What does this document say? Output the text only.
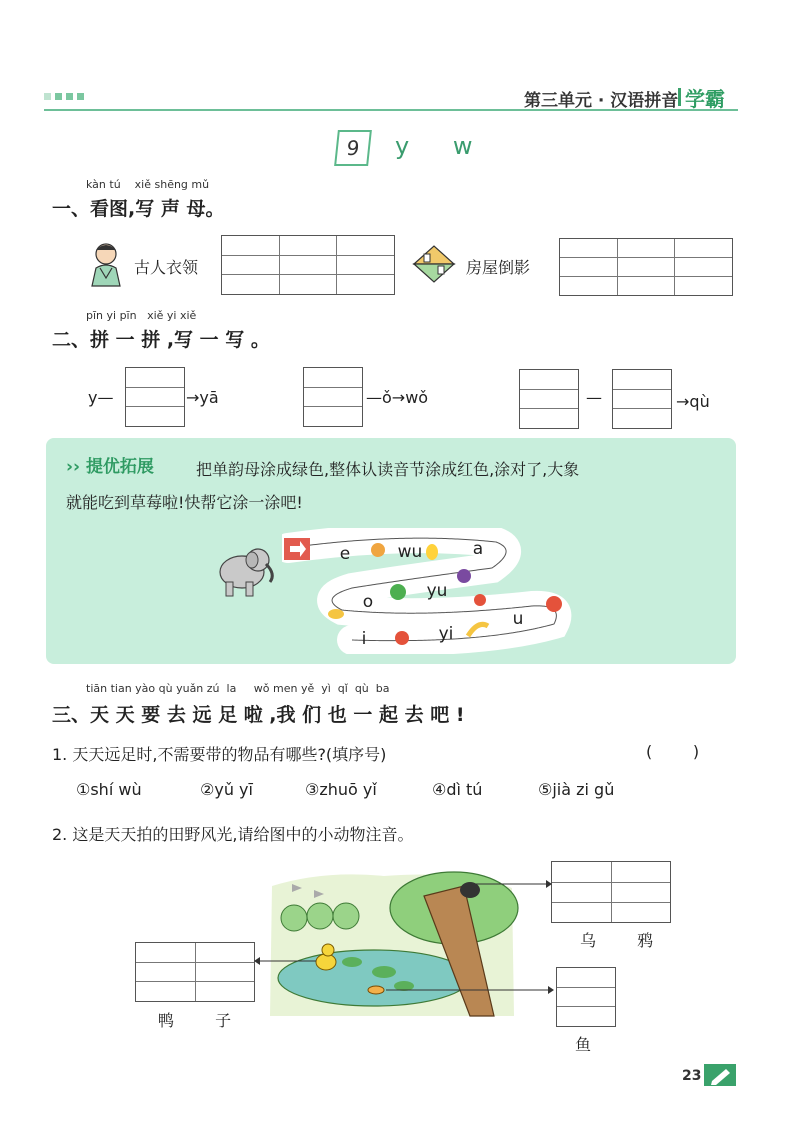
第三单元 · 汉语拼音 学霸
9	y w
kàn tú    xiě shēng mǔ
一、看图,写 声 母。
古人衣领	房屋倒影
pīn yi pīn   xiě yi xiě
二、拼 一 拼 ,写 一 写 。
y—	→yā	—ǒ→wǒ	—	→qù
›› 提优拓展	把单韵母涂成绿色,整体认读音节涂成红色,涂对了,大象
就能吃到草莓啦!快帮它涂一涂吧!
e	wu	a
yu
o
u
yi
i
tiān tian yào qù yuǎn zú  la     wǒ men yě  yì  qǐ  qù  ba
三、天 天 要 去 远 足 啦 ,我 们 也 一 起 去 吧 !
1. 天天远足时,不需要带的物品有哪些?(填序号)	(        )
①shí wù	②yǔ yī	③zhuō yǐ	④dì tú	⑤jià zi gǔ
2. 这是天天拍的田野风光,请给图中的小动物注音。
乌 鸦
鸭 子
鱼
23
